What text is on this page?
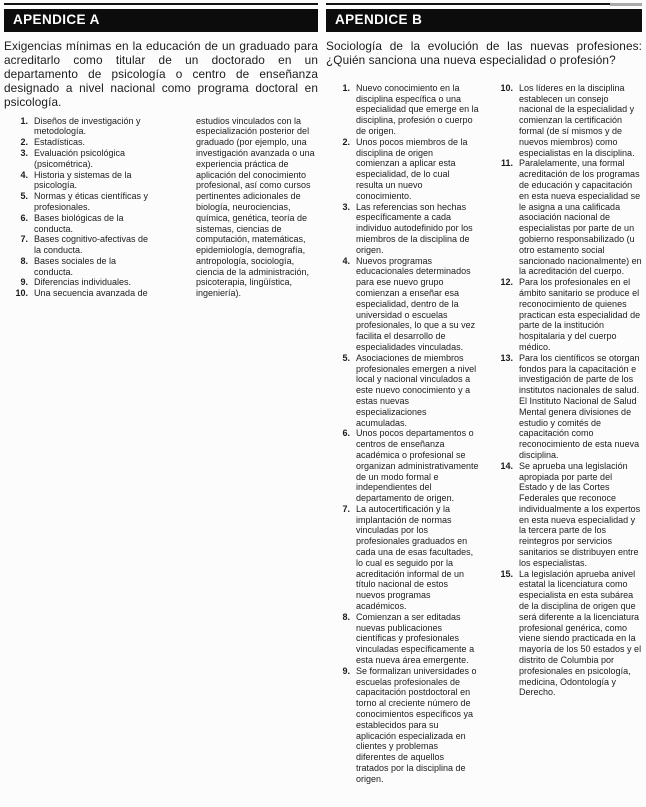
APENDICE A

Exigencias mínimas en la educación de un graduado para acreditarlo como titular de un doctorado en un departamento de psicología o centro de enseñanza designado a nivel nacional como programa doctoral en psicología.

1. Diseños de investigación y metodología.
2. Estadísticas.
3. Evaluación psicológica (psicométrica).
4. Historia y sistemas de la psicología.
5. Normas y éticas científicas y profesionales.
6. Bases biológicas de la conducta.
7. Bases cognitivo-afectivas de la conducta.
8. Bases sociales de la conducta.
9. Diferencias individuales.
10. Una secuencia avanzada de
estudios vinculados con la especialización posterior del graduado (por ejemplo, una investigación avanzada o una experiencia práctica de aplicación del conocimiento profesional, así como cursos pertinentes adicionales de biología, neurociencias, química, genética, teoría de sistemas, ciencias de computación, matemáticas, epidemiología, demografía, antropología, sociología, ciencia de la administración, psicoterapia, lingüística, ingeniería).
APENDICE B

Sociología de la evolución de las nuevas profesiones: ¿Quién sanciona una nueva especialidad o profesión?

1. Nuevo conocimiento en la disciplina específica o una especialidad que emerge en la disciplina, profesión o cuerpo de origen.
2. Unos pocos miembros de la disciplina de origen comienzan a aplicar esta especialidad, de lo cual resulta un nuevo conocimiento.
3. Las referencias son hechas específicamente a cada individuo autodefinido por los miembros de la disciplina de origen.
4. Nuevos programas educacionales determinados para ese nuevo grupo comienzan a enseñar esa especialidad, dentro de la universidad o escuelas profesionales, lo que a su vez facilita el desarrollo de especialidades vinculadas.
5. Asociaciones de miembros profesionales emergen a nivel local y nacional vinculados a este nuevo conocimiento y a estas nuevas especializaciones acumuladas.
6. Unos pocos departamentos o centros de enseñanza académica o profesional se organizan administrativamente de un modo formal e independientes del departamento de origen.
7. La autocertificación y la implantación de normas vinculadas por los profesionales graduados en cada una de esas facultades, lo cual es seguido por la acreditación informal de un título nacional de estos nuevos programas académicos.
8. Comienzan a ser editadas nuevas publicaciones científicas y profesionales vinculadas específicamente a esta nueva área emergente.
9. Se formalizan universidades o escuelas profesionales de capacitación postdoctoral en torno al creciente número de conocimientos específicos ya establecidos para su aplicación especializada en clientes y problemas diferentes de aquellos tratados por la disciplina de origen.
10. Los líderes en la disciplina establecen un consejo nacional de la especialidad y comienzan la certificación formal (de sí mismos y de nuevos miembros) como especialistas en la disciplina.
11. Paralelamente, una formal acreditación de los programas de educación y capacitación en esta nueva especialidad se le asigna a una calificada asociación nacional de especialistas por parte de un gobierno responsabilizado (u otro estamento social sancionado nacionalmente) en la acreditación del cuerpo.
12. Para los profesionales en el ámbito sanitario se produce el reconocimiento de quienes practican esta especialidad de parte de la institución hospitalaria y del cuerpo médico.
13. Para los científicos se otorgan fondos para la capacitación e investigación de parte de los institutos nacionales de salud. El Instituto Nacional de Salud Mental genera divisiones de estudio y comités de capacitación como reconocimiento de esta nueva disciplina.
14. Se aprueba una legislación apropiada por parte del Estado y de las Cortes Federales que reconoce individualmente a los expertos en esta nueva especialidad y la tercera parte de los reintegros por servicios sanitarios se distribuyen entre los especialistas.
15. La legislación aprueba anivel estatal la licenciatura como especialista en esta subárea de la disciplina de origen que será diferente a la licenciatura profesional genérica, como viene siendo practicada en la mayoría de los 50 estados y el distrito de Columbia por profesionales en psicología, medicina, Odontología y Derecho.
